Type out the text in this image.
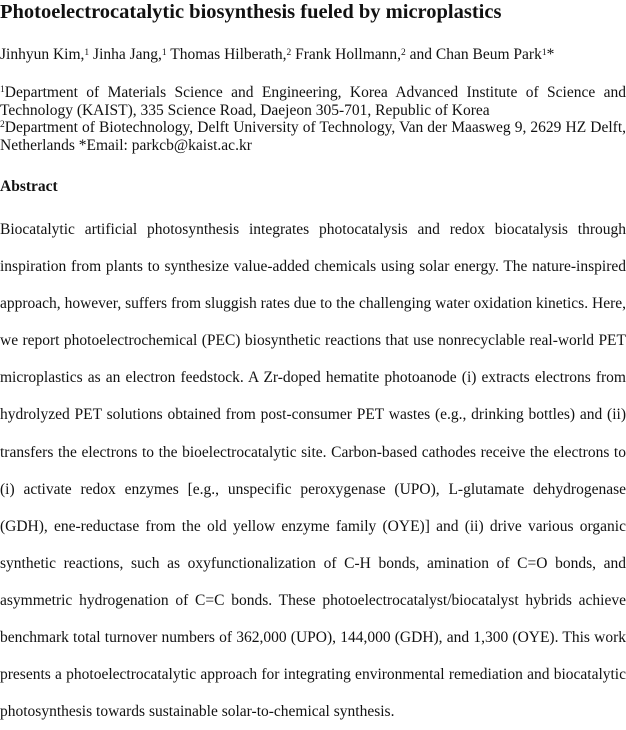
Photoelectrocatalytic biosynthesis fueled by microplastics
Jinhyun Kim,$^1$ Jinha Jang,$^1$ Thomas Hilberath,$^2$ Frank Hollmann,$^2$ and Chan Beum Park$^1$*

$^1$Department of Materials Science and Engineering, Korea Advanced Institute of Science and Technology (KAIST), 335 Science Road, Daejeon 305-701, Republic of Korea

$^2$Department of Biotechnology, Delft University of Technology, Van der Maasweg 9, 2629 HZ Delft, Netherlands *Email: parkcb@kaist.ac.kr

Abstract
Biocatalytic artificial photosynthesis integrates photocatalysis and redox biocatalysis through
inspiration from plants to synthesize value-added chemicals using solar energy. The nature-inspired
approach, however, suffers from sluggish rates due to the challenging water oxidation kinetics. Here,
we report photoelectrochemical (PEC) biosynthetic reactions that use nonrecyclable real-world PET
microplastics as an electron feedstock. A Zr-doped hematite photoanode (i) extracts electrons from
hydrolyzed PET solutions obtained from post-consumer PET wastes (e.g., drinking bottles) and (ii)
transfers the electrons to the bioelectrocatalytic site. Carbon-based cathodes receive the electrons to
(i) activate redox enzymes [e.g., unspecific peroxygenase (UPO), L-glutamate dehydrogenase
(GDH), ene-reductase from the old yellow enzyme family (OYE)] and (ii) drive various organic
synthetic reactions, such as oxyfunctionalization of C-H bonds, amination of C=O bonds, and
asymmetric hydrogenation of C=C bonds. These photoelectrocatalyst/biocatalyst hybrids achieve
benchmark total turnover numbers of 362,000 (UPO), 144,000 (GDH), and 1,300 (OYE). This work
presents a photoelectrocatalytic approach for integrating environmental remediation and biocatalytic
photosynthesis towards sustainable solar-to-chemical synthesis.
